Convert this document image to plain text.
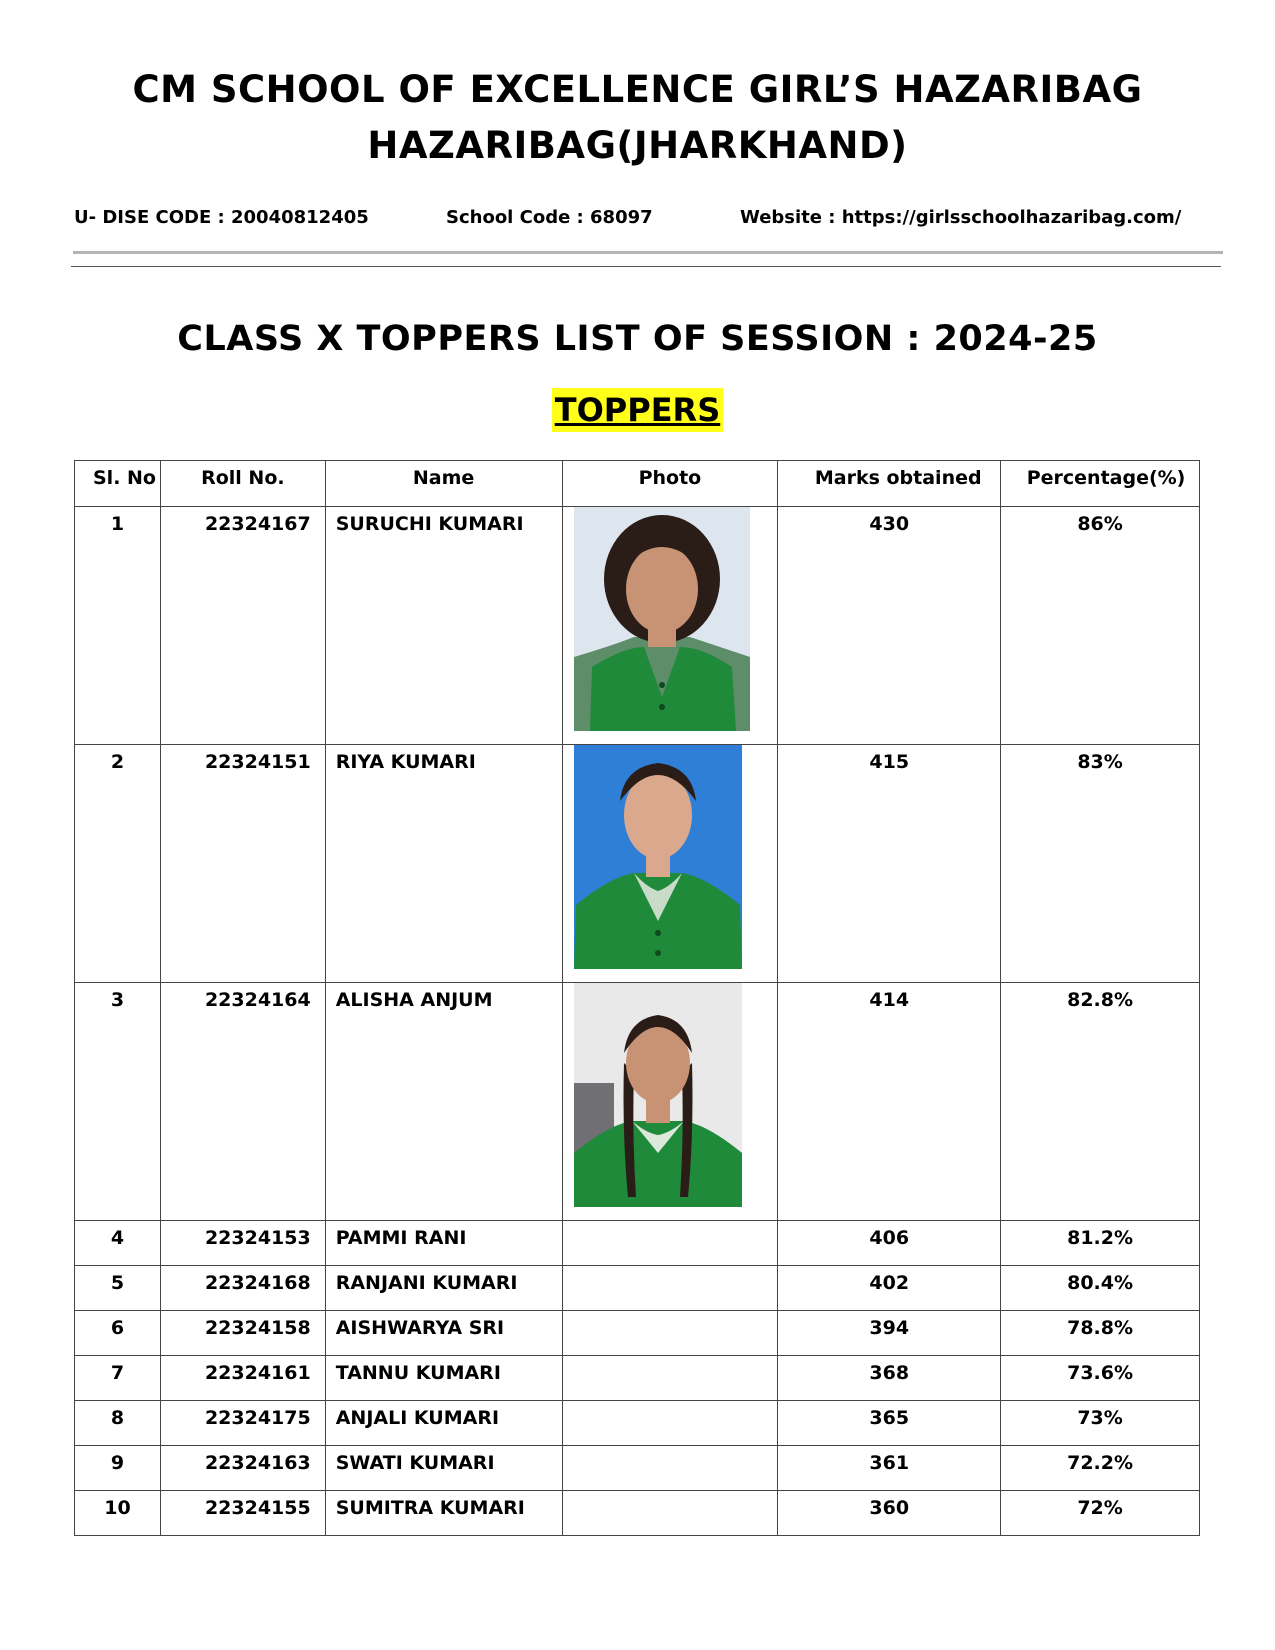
CM SCHOOL OF EXCELLENCE GIRL’S HAZARIBAG
HAZARIBAG(JHARKHAND)
U- DISE CODE : 20040812405	School Code : 68097	Website : https://girlsschoolhazaribag.com/
CLASS X TOPPERS LIST OF SESSION : 2024-25
TOPPERS
Sl. No	Roll No.	Name	Photo	Marks obtained	Percentage(%)
1	22324167	SURUCHI KUMARI		430	86%
2	22324151	RIYA KUMARI		415	83%
3	22324164	ALISHA ANJUM		414	82.8%
4	22324153	PAMMI RANI		406	81.2%
5	22324168	RANJANI KUMARI		402	80.4%
6	22324158	AISHWARYA SRI		394	78.8%
7	22324161	TANNU KUMARI		368	73.6%
8	22324175	ANJALI KUMARI		365	73%
9	22324163	SWATI KUMARI		361	72.2%
10	22324155	SUMITRA KUMARI		360	72%
